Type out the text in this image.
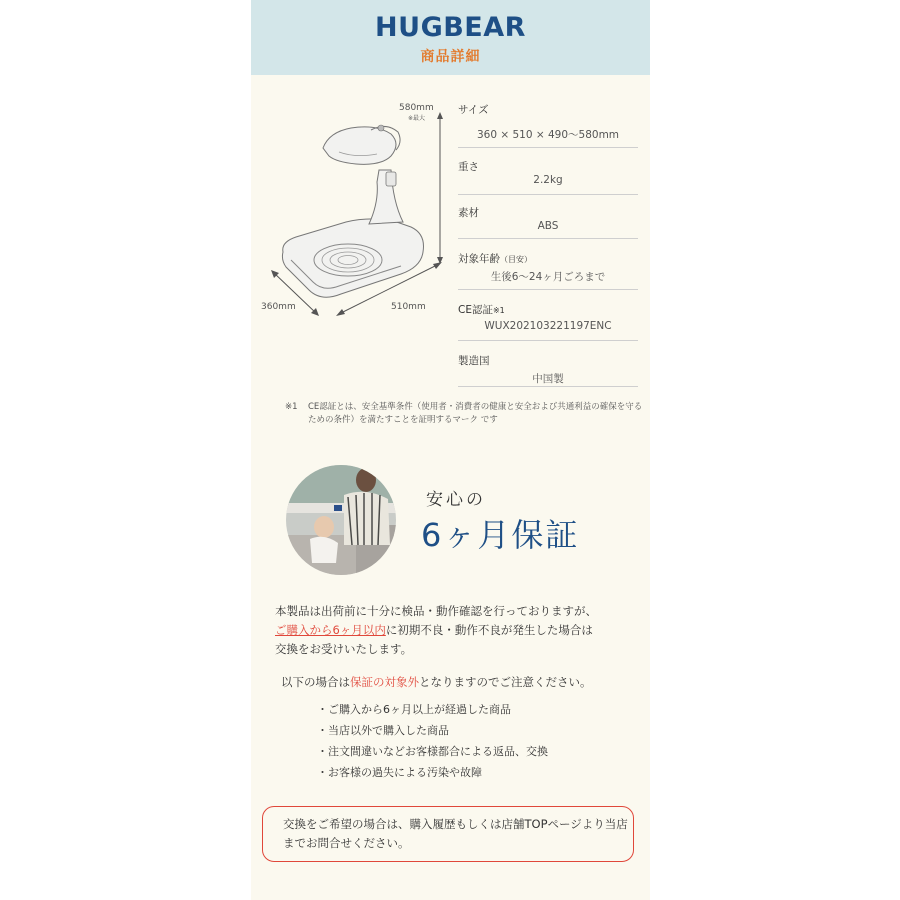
HUGBEAR
商品詳細
580mm
※最大
360mm	510mm
サイズ
360 × 510 × 490〜580mm
重さ
2.2kg
素材
ABS
対象年齢（目安）
生後6〜24ヶ月ごろまで
CE認証※1
WUX202103221197ENC
製造国
中国製
※1 CE認証とは、安全基準条件（使用者・消費者の健康と安全および共通利益の確保を守るための条件）を満たすことを証明するマーク です
安心の
6ヶ月保証
本製品は出荷前に十分に検品・動作確認を行っておりますが、
ご購入から6ヶ月以内に初期不良・動作不良が発生した場合は
交換をお受けいたします。
以下の場合は保証の対象外となりますのでご注意ください。
・ご購入から6ヶ月以上が経過した商品
・当店以外で購入した商品
・注文間違いなどお客様都合による返品、交換
・お客様の過失による汚染や故障
交換をご希望の場合は、購入履歴もしくは店舗TOPページより当店までお問合せください。
